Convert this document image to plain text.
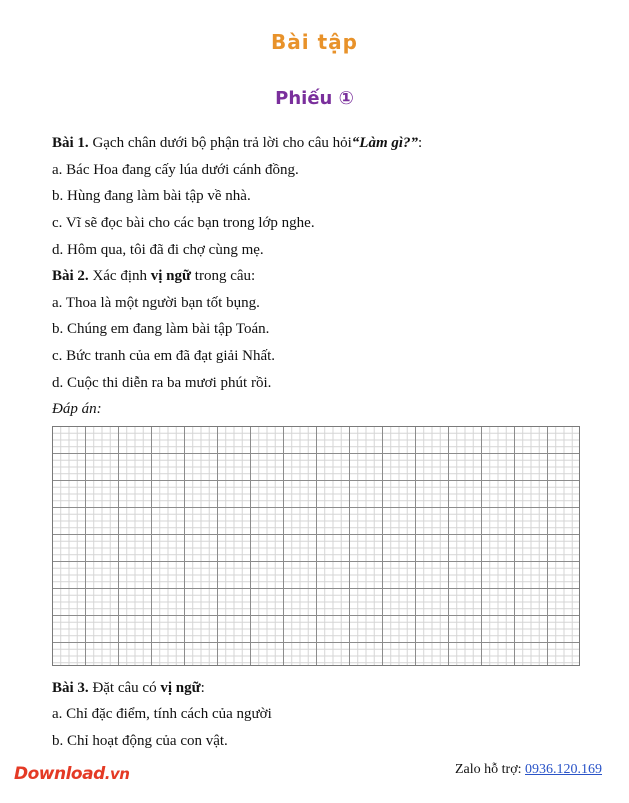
Bài tập
Phiếu ①
Bài 1. Gạch chân dưới bộ phận trả lời cho câu hỏi“Làm gì?”:
a. Bác Hoa đang cấy lúa dưới cánh đồng.
b. Hùng đang làm bài tập về nhà.
c. Vĩ sẽ đọc bài cho các bạn trong lớp nghe.
d. Hôm qua, tôi đã đi chợ cùng mẹ.
Bài 2. Xác định vị ngữ trong câu:
a. Thoa là một người bạn tốt bụng.
b. Chúng em đang làm bài tập Toán.
c. Bức tranh của em đã đạt giải Nhất.
d. Cuộc thi diễn ra ba mươi phút rồi.
Đáp án:
Bài 3. Đặt câu có vị ngữ:
a. Chỉ đặc điểm, tính cách của người
b. Chỉ hoạt động của con vật.
Download.vn	Zalo hỗ trợ: 0936.120.169
